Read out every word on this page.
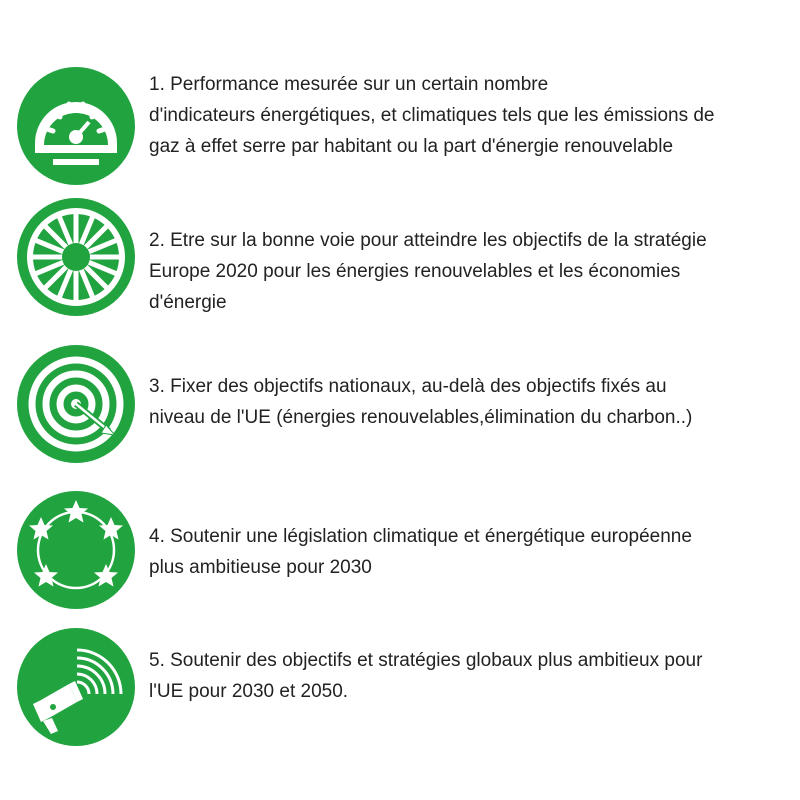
1. Performance mesurée sur un certain nombre
d'indicateurs énergétiques, et climatiques tels que les émissions de
gaz à effet serre par habitant ou la part d'énergie renouvelable

2. Etre sur la bonne voie pour atteindre les objectifs de la stratégie
Europe 2020 pour les énergies renouvelables et les économies
d'énergie

3. Fixer des objectifs nationaux, au-delà des objectifs fixés au
niveau de l'UE (énergies renouvelables,élimination du charbon..)

4. Soutenir une législation climatique et énergétique européenne
plus ambitieuse pour 2030

5. Soutenir des objectifs et stratégies globaux plus ambitieux pour
l'UE pour 2030 et 2050.
